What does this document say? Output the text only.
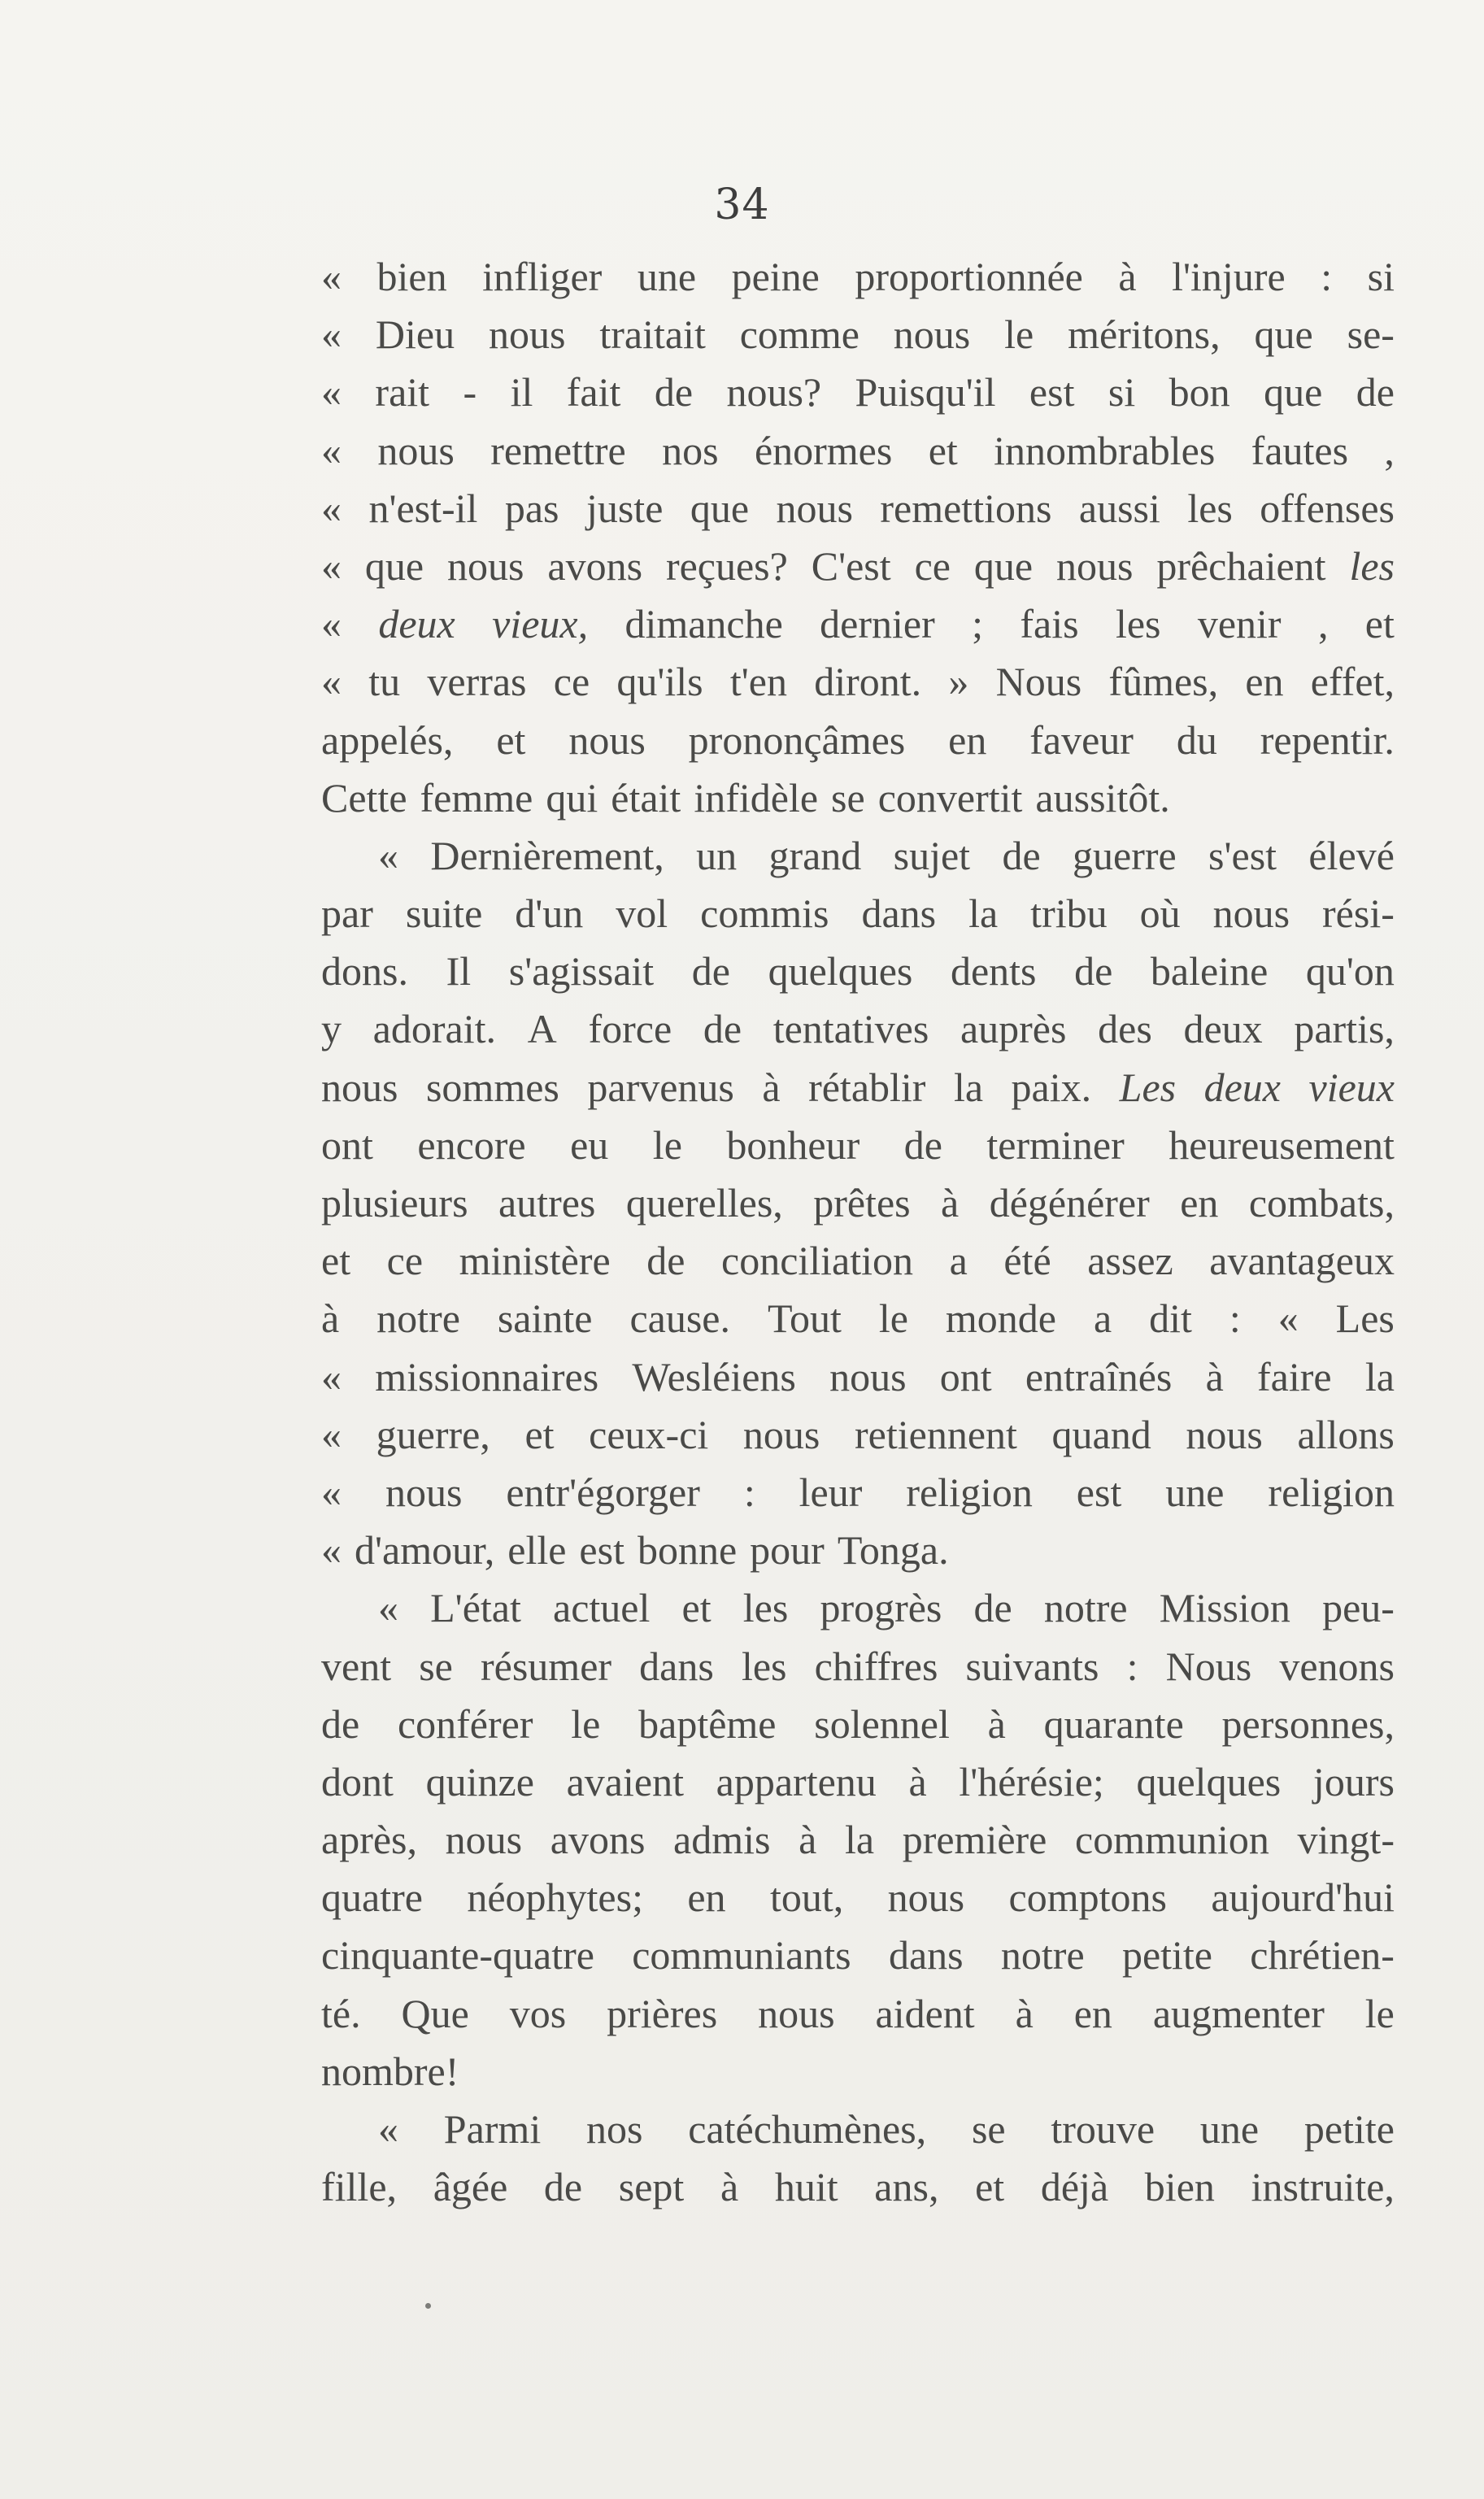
34
« bien infliger une peine proportionnée à l'injure : si
« Dieu nous traitait comme nous le méritons, que se-
« rait - il fait de nous? Puisqu'il est si bon que de
« nous remettre nos énormes et innombrables fautes ,
« n'est-il pas juste que nous remettions aussi les offenses
« que nous avons reçues? C'est ce que nous prêchaient les
« deux vieux, dimanche dernier ; fais les venir , et
« tu verras ce qu'ils t'en diront. » Nous fûmes, en effet,
appelés, et nous prononçâmes en faveur du repentir.
Cette femme qui était infidèle se convertit aussitôt.
« Dernièrement, un grand sujet de guerre s'est élevé
par suite d'un vol commis dans la tribu où nous rési-
dons. Il s'agissait de quelques dents de baleine qu'on
y adorait. A force de tentatives auprès des deux partis,
nous sommes parvenus à rétablir la paix. Les deux vieux
ont encore eu le bonheur de terminer heureusement
plusieurs autres querelles, prêtes à dégénérer en combats,
et ce ministère de conciliation a été assez avantageux
à notre sainte cause. Tout le monde a dit : « Les
« missionnaires Wesléiens nous ont entraînés à faire la
« guerre, et ceux-ci nous retiennent quand nous allons
« nous entr'égorger : leur religion est une religion
« d'amour, elle est bonne pour Tonga.
« L'état actuel et les progrès de notre Mission peu-
vent se résumer dans les chiffres suivants : Nous venons
de conférer le baptême solennel à quarante personnes,
dont quinze avaient appartenu à l'hérésie; quelques jours
après, nous avons admis à la première communion vingt-
quatre néophytes; en tout, nous comptons aujourd'hui
cinquante-quatre communiants dans notre petite chrétien-
té. Que vos prières nous aident à en augmenter le
nombre!
« Parmi nos catéchumènes, se trouve une petite
fille, âgée de sept à huit ans, et déjà bien instruite,
